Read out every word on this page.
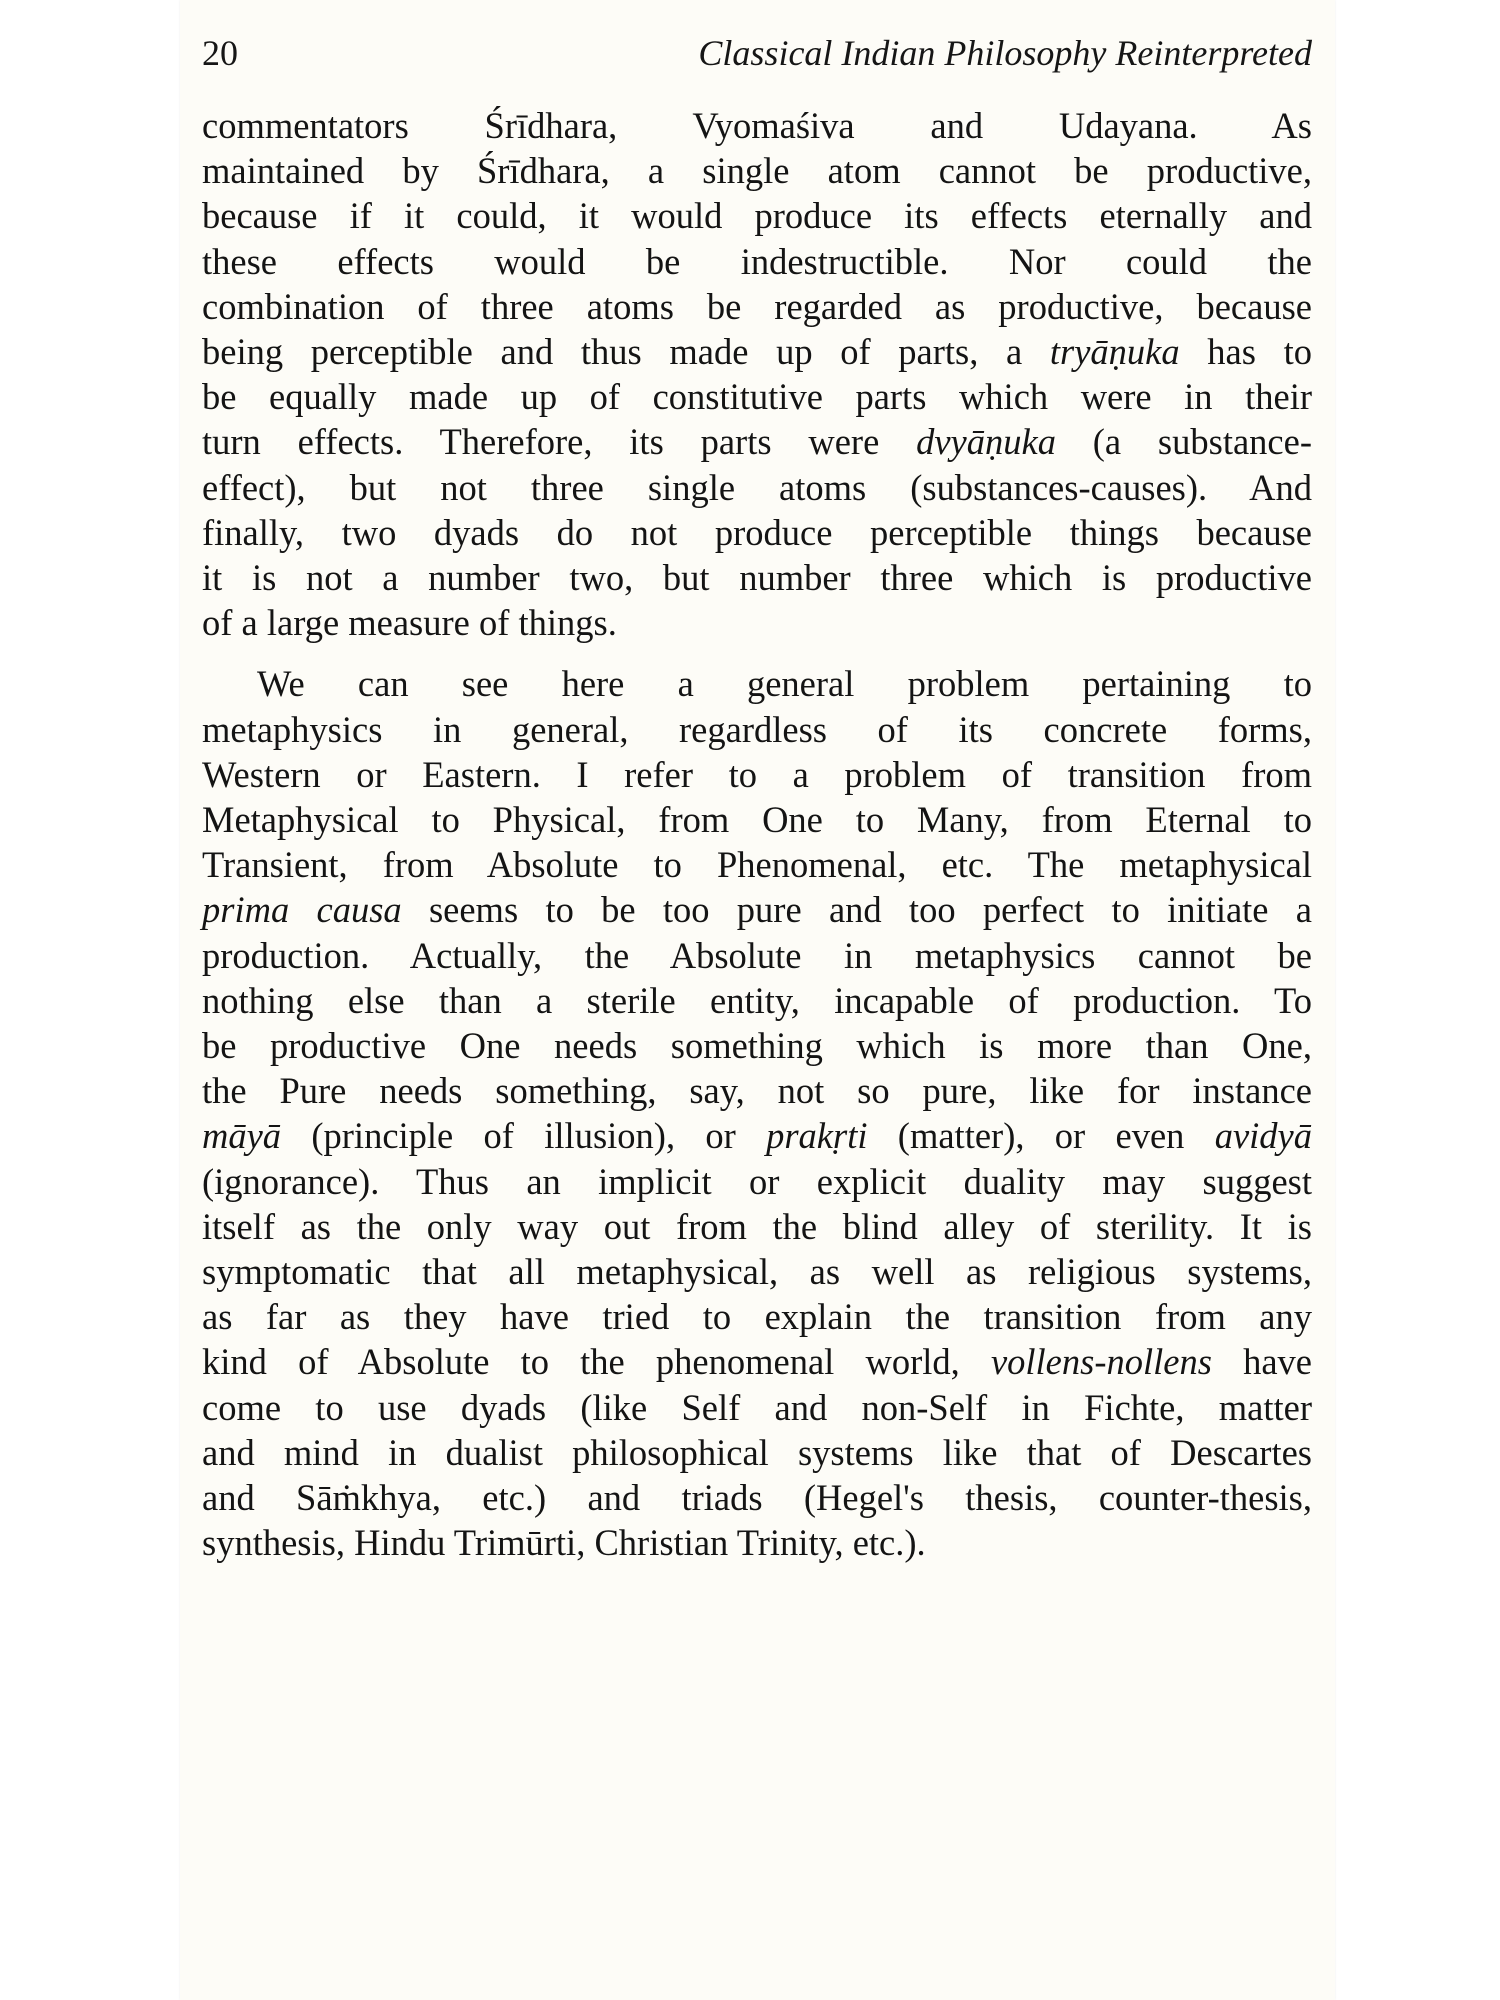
20	Classical Indian Philosophy Reinterpreted

commentators Śrīdhara, Vyomaśiva and Udayana. As
maintained by Śrīdhara, a single atom cannot be productive,
because if it could, it would produce its effects eternally and
these effects would be indestructible. Nor could the
combination of three atoms be regarded as productive, because
being perceptible and thus made up of parts, a tryāṇuka has to
be equally made up of constitutive parts which were in their
turn effects. Therefore, its parts were dvyāṇuka (a substance-
effect), but not three single atoms (substances-causes). And
finally, two dyads do not produce perceptible things because
it is not a number two, but number three which is productive
of a large measure of things.

We can see here a general problem pertaining to
metaphysics in general, regardless of its concrete forms,
Western or Eastern. I refer to a problem of transition from
Metaphysical to Physical, from One to Many, from Eternal to
Transient, from Absolute to Phenomenal, etc. The metaphysical
prima causa seems to be too pure and too perfect to initiate a
production. Actually, the Absolute in metaphysics cannot be
nothing else than a sterile entity, incapable of production. To
be productive One needs something which is more than One,
the Pure needs something, say, not so pure, like for instance
māyā (principle of illusion), or prakṛti (matter), or even avidyā
(ignorance). Thus an implicit or explicit duality may suggest
itself as the only way out from the blind alley of sterility. It is
symptomatic that all metaphysical, as well as religious systems,
as far as they have tried to explain the transition from any
kind of Absolute to the phenomenal world, vollens-nollens have
come to use dyads (like Self and non-Self in Fichte, matter
and mind in dualist philosophical systems like that of Descartes
and Sāṁkhya, etc.) and triads (Hegel's thesis, counter-thesis,
synthesis, Hindu Trimūrti, Christian Trinity, etc.).
